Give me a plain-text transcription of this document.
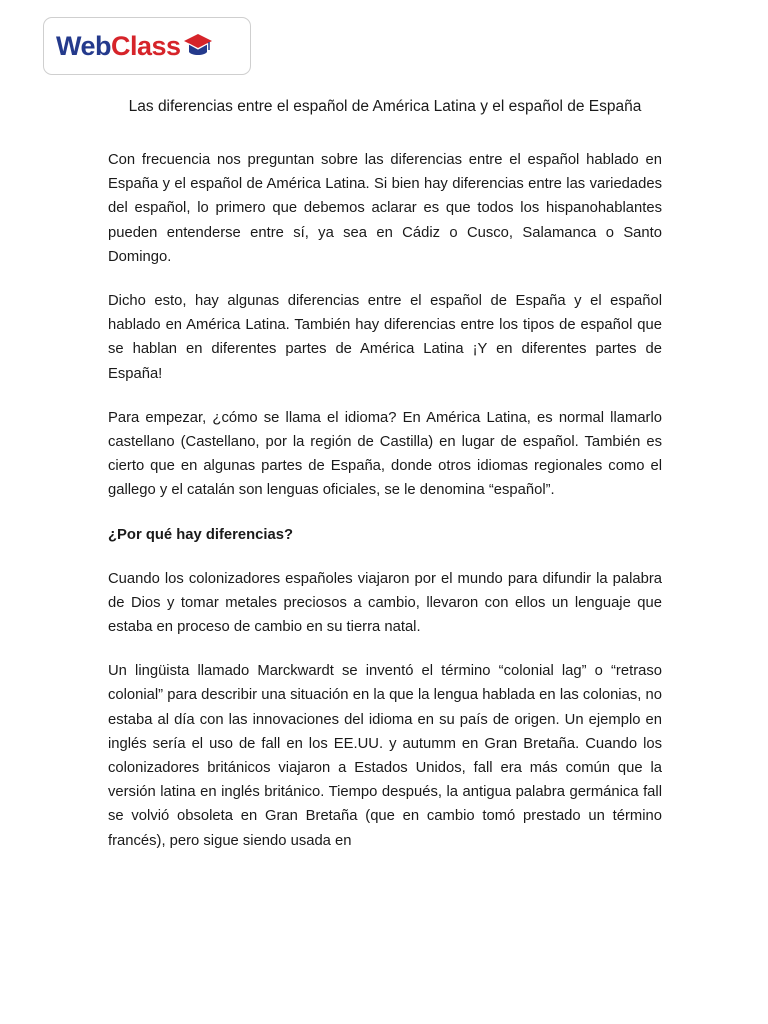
Web Class
Las diferencias entre el español de América Latina y el español de España

Con frecuencia nos preguntan sobre las diferencias entre el español hablado en España y el español de América Latina. Si bien hay diferencias entre las variedades del español, lo primero que debemos aclarar es que todos los hispanohablantes pueden entenderse entre sí, ya sea en Cádiz o Cusco, Salamanca o Santo Domingo.

Dicho esto, hay algunas diferencias entre el español de España y el español hablado en América Latina. También hay diferencias entre los tipos de español que se hablan en diferentes partes de América Latina ¡Y en diferentes partes de España!

Para empezar, ¿cómo se llama el idioma? En América Latina, es normal llamarlo castellano (Castellano, por la región de Castilla) en lugar de español. También es cierto que en algunas partes de España, donde otros idiomas regionales como el gallego y el catalán son lenguas oficiales, se le denomina “español”.

¿Por qué hay diferencias?

Cuando los colonizadores españoles viajaron por el mundo para difundir la palabra de Dios y tomar metales preciosos a cambio, llevaron con ellos un lenguaje que estaba en proceso de cambio en su tierra natal.

Un lingüista llamado Marckwardt se inventó el término “colonial lag” o “retraso colonial” para describir una situación en la que la lengua hablada en las colonias, no estaba al día con las innovaciones del idioma en su país de origen. Un ejemplo en inglés sería el uso de fall en los EE.UU. y autumm en Gran Bretaña. Cuando los colonizadores británicos viajaron a Estados Unidos, fall era más común que la versión latina en inglés británico. Tiempo después, la antigua palabra germánica fall se volvió obsoleta en Gran Bretaña (que en cambio tomó prestado un término francés), pero sigue siendo usada en
